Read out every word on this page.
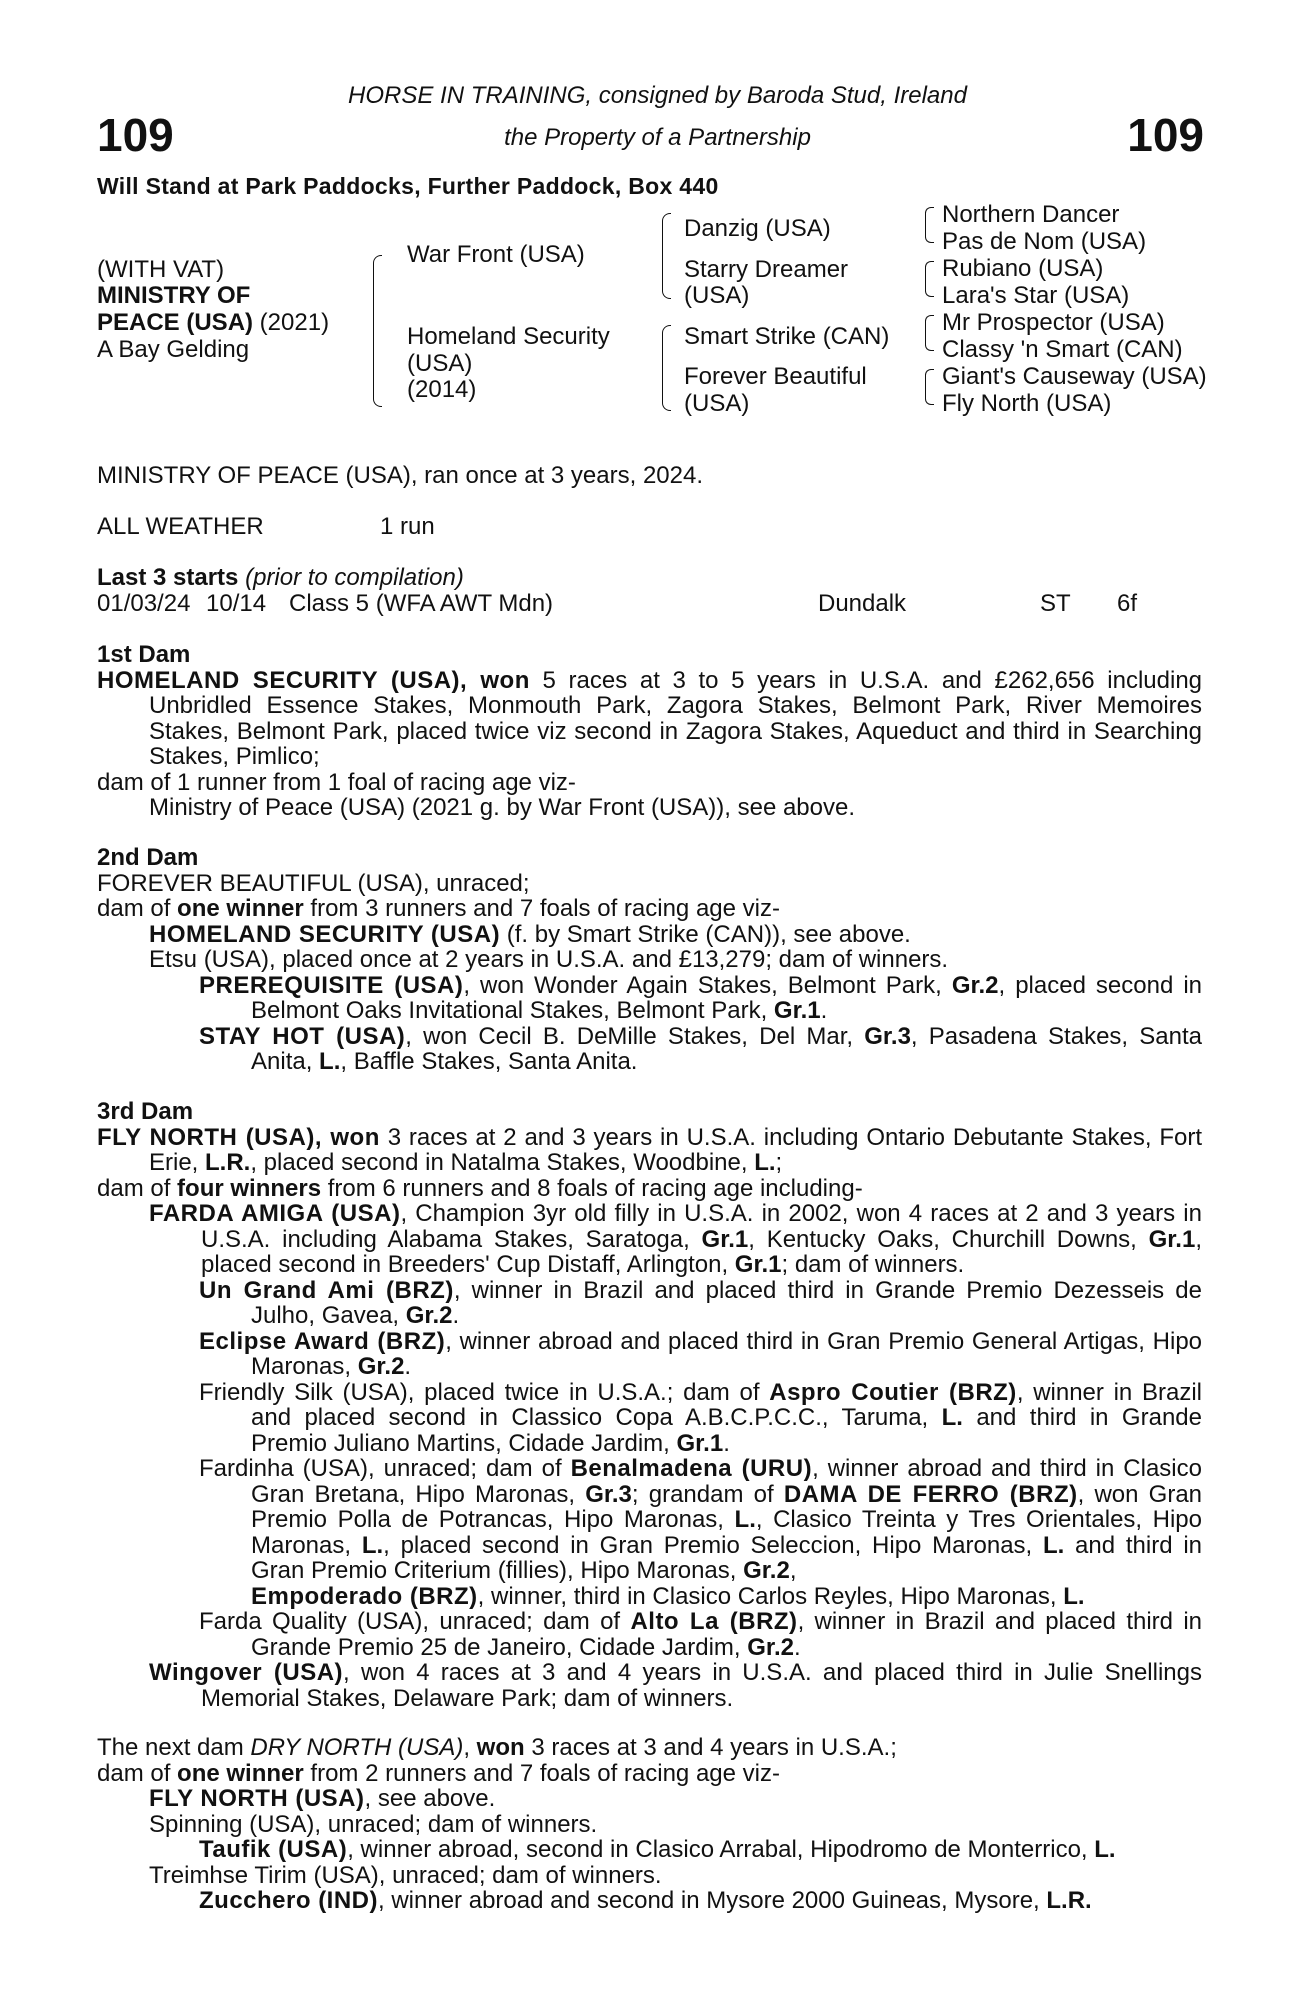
109	109
HORSE IN TRAINING, consigned by Baroda Stud, Ireland
the Property of a Partnership
Will Stand at Park Paddocks, Further Paddock, Box 440
(WITH VAT)
MINISTRY OF
PEACE (USA) (2021)
A Bay Gelding
War Front (USA)
Homeland Security
(USA)
(2014)
Danzig (USA)
Starry Dreamer
(USA)
Smart Strike (CAN)
Forever Beautiful
(USA)
Northern Dancer
Pas de Nom (USA)
Rubiano (USA)
Lara's Star (USA)
Mr Prospector (USA)
Classy 'n Smart (CAN)
Giant's Causeway (USA)
Fly North (USA)
MINISTRY OF PEACE (USA), ran once at 3 years, 2024.
ALL WEATHER	1 run
Last 3 starts (prior to compilation)
01/03/24 10/14 Class 5 (WFA AWT Mdn)	Dundalk	ST 6f

1st Dam

HOMELAND SECURITY (USA), won 5 races at 3 to 5 years in U.S.A. and £262,656 including Unbridled Essence Stakes, Monmouth Park, Zagora Stakes, Belmont Park, River Memoires Stakes, Belmont Park, placed twice viz second in Zagora Stakes, Aqueduct and third in Searching Stakes, Pimlico;

dam of 1 runner from 1 foal of racing age viz-

Ministry of Peace (USA) (2021 g. by War Front (USA)), see above.

2nd Dam

FOREVER BEAUTIFUL (USA), unraced;

dam of one winner from 3 runners and 7 foals of racing age viz-

HOMELAND SECURITY (USA) (f. by Smart Strike (CAN)), see above.

Etsu (USA), placed once at 2 years in U.S.A. and £13,279; dam of winners.

PREREQUISITE (USA), won Wonder Again Stakes, Belmont Park, Gr.2, placed second in Belmont Oaks Invitational Stakes, Belmont Park, Gr.1.

STAY HOT (USA), won Cecil B. DeMille Stakes, Del Mar, Gr.3, Pasadena Stakes, Santa Anita, L., Baffle Stakes, Santa Anita.

3rd Dam

FLY NORTH (USA), won 3 races at 2 and 3 years in U.S.A. including Ontario Debutante Stakes, Fort Erie, L.R., placed second in Natalma Stakes, Woodbine, L.;

dam of four winners from 6 runners and 8 foals of racing age including-

FARDA AMIGA (USA), Champion 3yr old filly in U.S.A. in 2002, won 4 races at 2 and 3 years in U.S.A. including Alabama Stakes, Saratoga, Gr.1, Kentucky Oaks, Churchill Downs, Gr.1, placed second in Breeders' Cup Distaff, Arlington, Gr.1; dam of winners.

Un Grand Ami (BRZ), winner in Brazil and placed third in Grande Premio Dezesseis de Julho, Gavea, Gr.2.

Eclipse Award (BRZ), winner abroad and placed third in Gran Premio General Artigas, Hipo Maronas, Gr.2.

Friendly Silk (USA), placed twice in U.S.A.; dam of Aspro Coutier (BRZ), winner in Brazil and placed second in Classico Copa A.B.C.P.C.C., Taruma, L. and third in Grande Premio Juliano Martins, Cidade Jardim, Gr.1.

Fardinha (USA), unraced; dam of Benalmadena (URU), winner abroad and third in Clasico Gran Bretana, Hipo Maronas, Gr.3; grandam of DAMA DE FERRO (BRZ), won Gran Premio Polla de Potrancas, Hipo Maronas, L., Clasico Treinta y Tres Orientales, Hipo Maronas, L., placed second in Gran Premio Seleccion, Hipo Maronas, L. and third in Gran Premio Criterium (fillies), Hipo Maronas, Gr.2,
Empoderado (BRZ), winner, third in Clasico Carlos Reyles, Hipo Maronas, L.

Farda Quality (USA), unraced; dam of Alto La (BRZ), winner in Brazil and placed third in Grande Premio 25 de Janeiro, Cidade Jardim, Gr.2.

Wingover (USA), won 4 races at 3 and 4 years in U.S.A. and placed third in Julie Snellings Memorial Stakes, Delaware Park; dam of winners.

The next dam DRY NORTH (USA), won 3 races at 3 and 4 years in U.S.A.;

dam of one winner from 2 runners and 7 foals of racing age viz-

FLY NORTH (USA), see above.

Spinning (USA), unraced; dam of winners.

Taufik (USA), winner abroad, second in Clasico Arrabal, Hipodromo de Monterrico, L.

Treimhse Tirim (USA), unraced; dam of winners.

Zucchero (IND), winner abroad and second in Mysore 2000 Guineas, Mysore, L.R.
